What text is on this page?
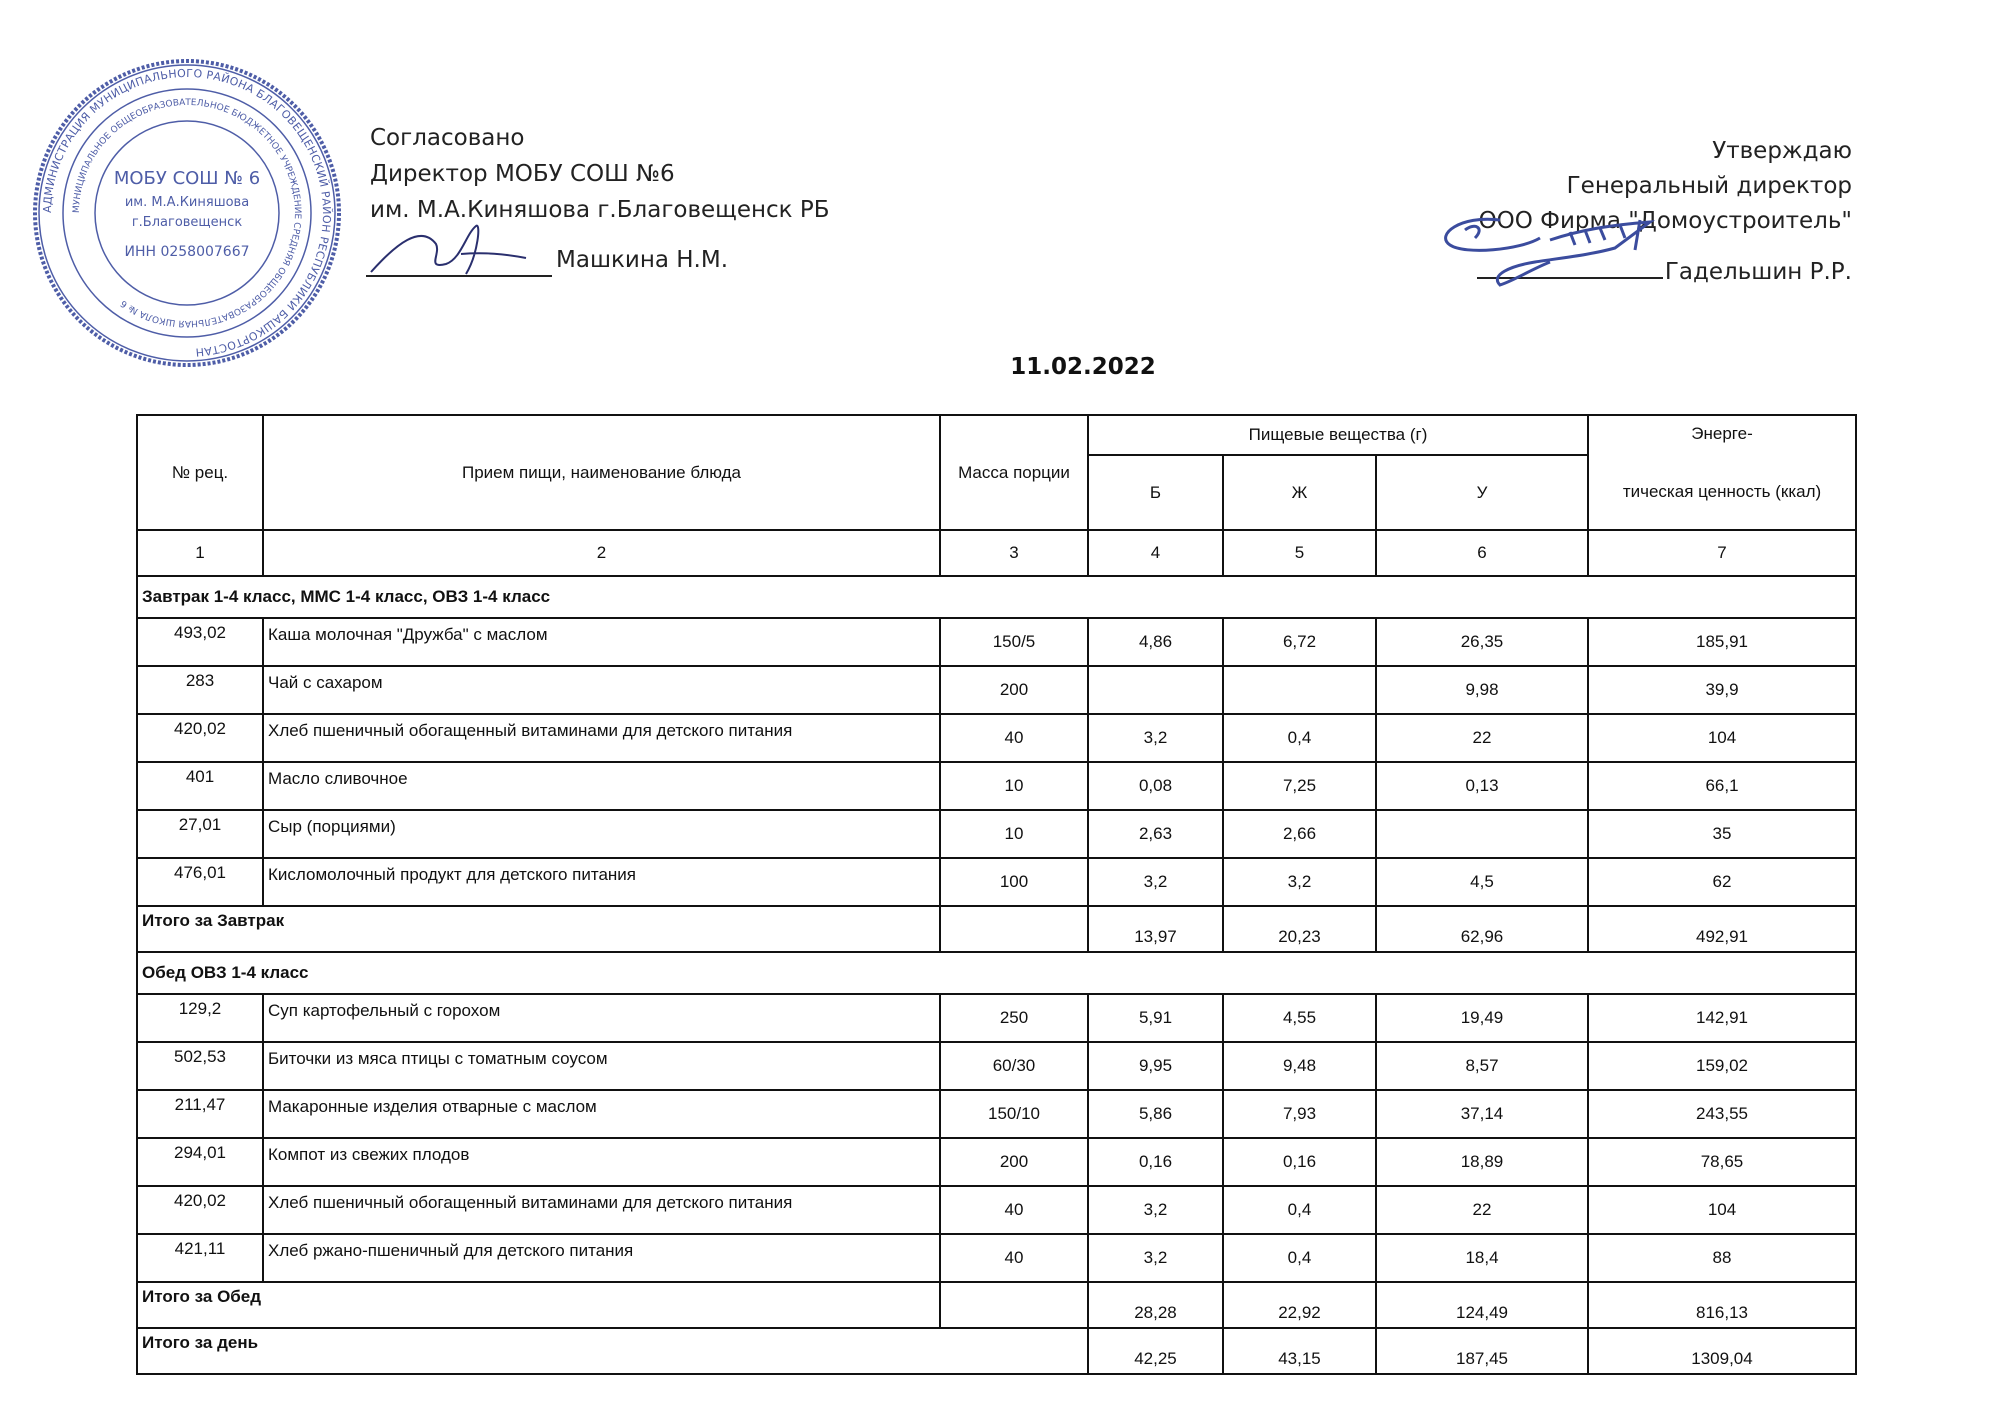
АДМИНИСТРАЦИЯ МУНИЦИПАЛЬНОГО РАЙОНА БЛАГОВЕЩЕНСКИЙ РАЙОН РЕСПУБЛИКИ БАШКОРТОСТАН
МУНИЦИПАЛЬНОЕ ОБЩЕОБРАЗОВАТЕЛЬНОЕ БЮДЖЕТНОЕ УЧРЕЖДЕНИЕ СРЕДНЯЯ ОБЩЕОБРАЗОВАТЕЛЬНАЯ ШКОЛА № 6
МОБУ СОШ № 6
им. М.А.Киняшова
г.Благовещенск
ИНН 0258007667
Согласовано
Директор МОБУ СОШ №6
им. М.А.Киняшова г.Благовещенск РБ
Машкина Н.М.
Утверждаю
Генеральный директор
ООО Фирма "Домоустроитель"
Гадельшин Р.Р.
11.02.2022
№ рец.	Прием пищи, наименование блюда	Масса порции	Пищевые вещества (г)			Энерге-
тическая ценность (ккал)

			Б	Ж	У	
1	2	3	4	5	6	7
Завтрак 1-4 класс, ММС 1-4 класс, ОВЗ 1-4 класс						
493,02	Каша молочная "Дружба" с маслом	150/5	4,86	6,72	26,35	185,91
283	Чай с сахаром	200			9,98	39,9
420,02	Хлеб пшеничный обогащенный витаминами для детского питания	40	3,2	0,4	22	104
401	Масло сливочное	10	0,08	7,25	0,13	66,1
27,01	Сыр (порциями)	10	2,63	2,66		35
476,01	Кисломолочный продукт для детского питания	100	3,2	3,2	4,5	62
Итого за Завтрак			13,97	20,23	62,96	492,91
Обед ОВЗ 1-4 класс						
129,2	Суп картофельный с горохом	250	5,91	4,55	19,49	142,91
502,53	Биточки из мяса птицы с томатным соусом	60/30	9,95	9,48	8,57	159,02
211,47	Макаронные изделия отварные с маслом	150/10	5,86	7,93	37,14	243,55
294,01	Компот из свежих плодов	200	0,16	0,16	18,89	78,65
420,02	Хлеб пшеничный обогащенный витаминами для детского питания	40	3,2	0,4	22	104
421,11	Хлеб ржано-пшеничный для детского питания	40	3,2	0,4	18,4	88
Итого за Обед			28,28	22,92	124,49	816,13
Итого за день			42,25	43,15	187,45	1309,04
